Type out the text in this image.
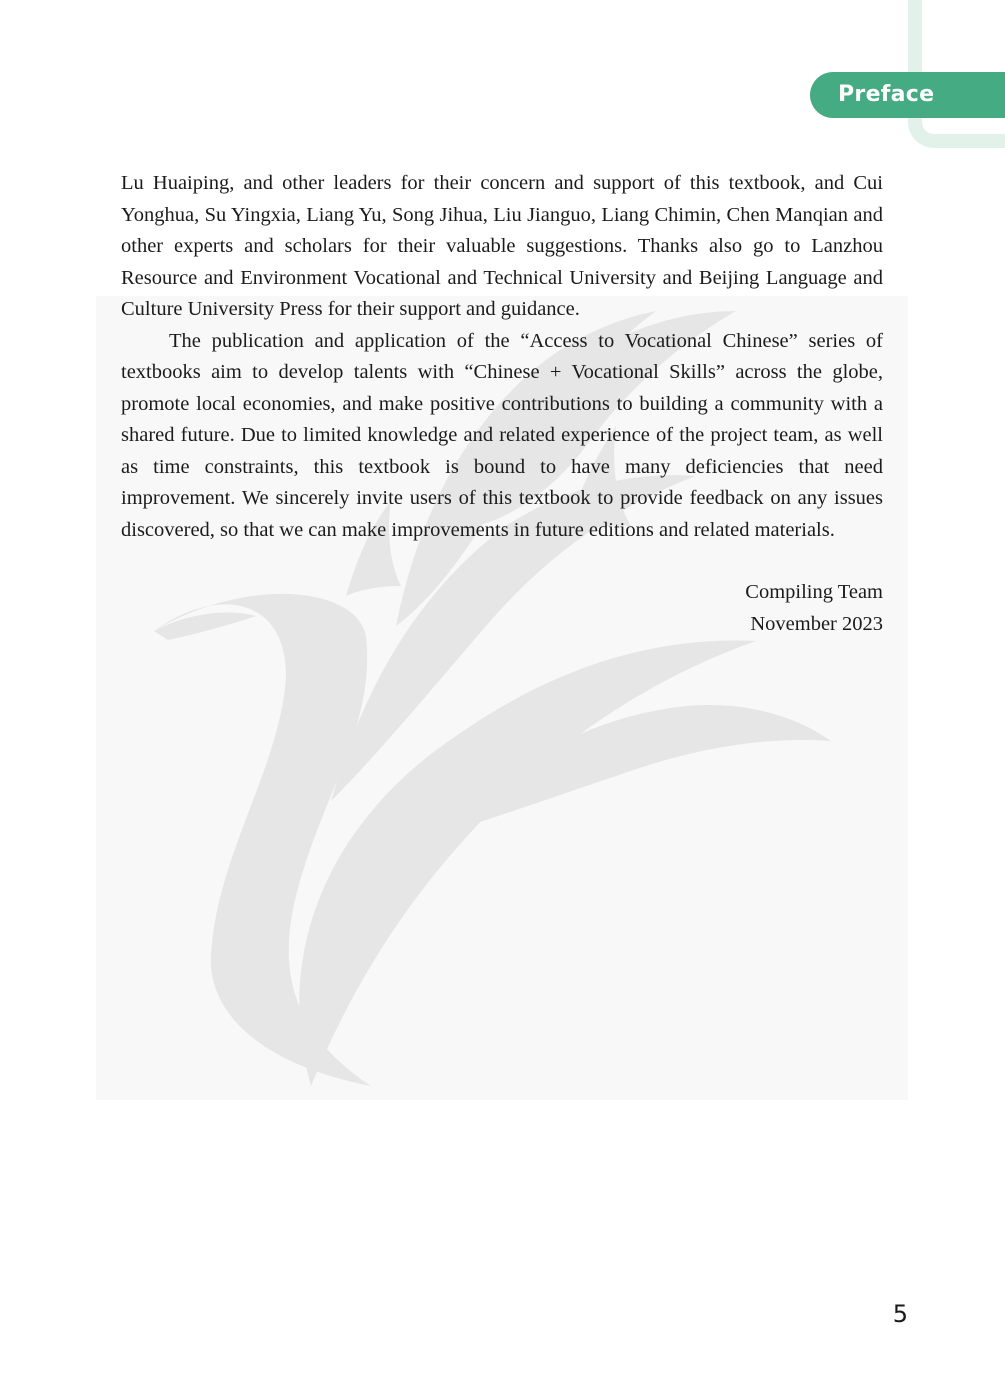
Preface

Lu Huaiping, and other leaders for their concern and support of this textbook, and Cui Yonghua, Su Yingxia, Liang Yu, Song Jihua, Liu Jianguo, Liang Chimin, Chen Manqian and other experts and scholars for their valuable suggestions. Thanks also go to Lanzhou Resource and Environment Vocational and Technical University and Beijing Language and Culture University Press for their support and guidance.

The publication and application of the “Access to Vocational Chinese” series of textbooks aim to develop talents with “Chinese + Vocational Skills” across the globe, promote local economies, and make positive contributions to building a community with a shared future. Due to limited knowledge and related experience of the project team, as well as time constraints, this textbook is bound to have many deficiencies that need improvement. We sincerely invite users of this textbook to provide feedback on any issues discovered, so that we can make improvements in future editions and related materials.

Compiling Team
November 2023
5
